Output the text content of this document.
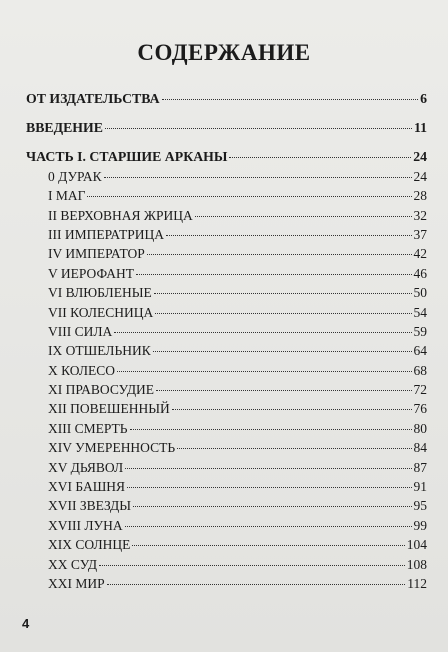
СОДЕРЖАНИЕ
ОТ ИЗДАТЕЛЬСТВА	6
ВВЕДЕНИЕ	11
ЧАСТЬ I. СТАРШИЕ АРКАНЫ	24
0 ДУРАК	24
I МАГ	28
II ВЕРХОВНАЯ ЖРИЦА	32
III ИМПЕРАТРИЦА	37
IV ИМПЕРАТОР	42
V ИЕРОФАНТ	46
VI ВЛЮБЛЕНЫЕ	50
VII КОЛЕСНИЦА	54
VIII СИЛА	59
IX ОТШЕЛЬНИК	64
X КОЛЕСО	68
XI ПРАВОСУДИЕ	72
XII ПОВЕШЕННЫЙ	76
XIII СМЕРТЬ	80
XIV УМЕРЕННОСТЬ	84
XV ДЬЯВОЛ	87
XVI БАШНЯ	91
XVII ЗВЕЗДЫ	95
XVIII ЛУНА	99
XIX СОЛНЦЕ	104
XX СУД	108
XXI МИР	112
4
